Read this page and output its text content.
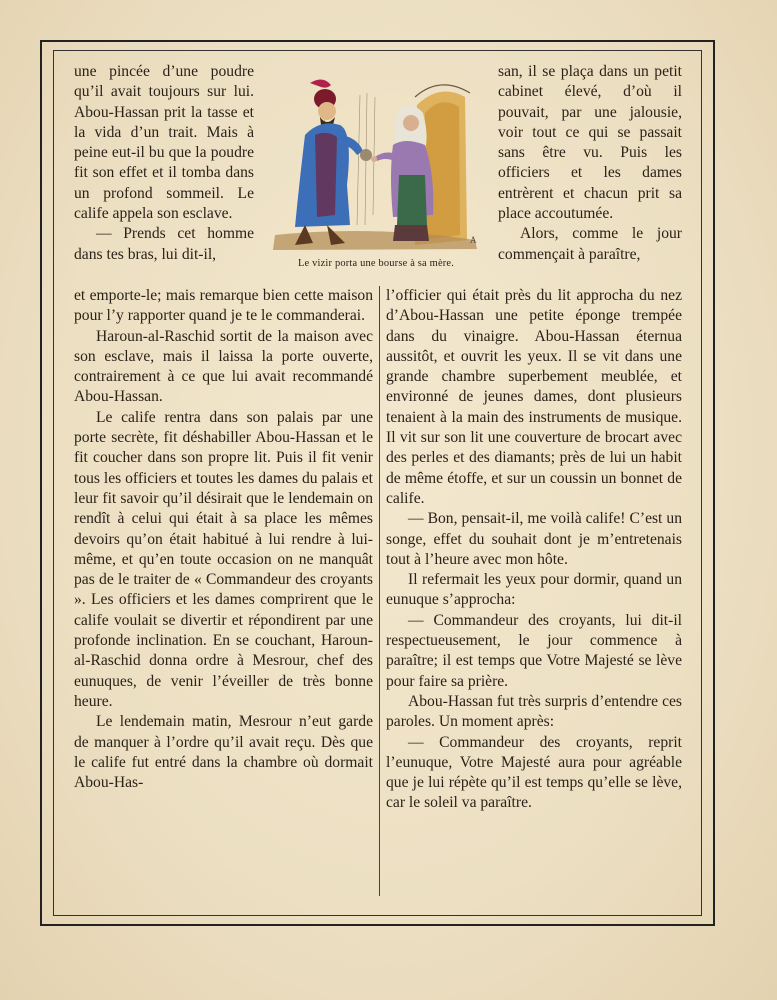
A
Le vizir porta une bourse à sa mère.

une pincée d’une poudre qu’il avait toujours sur lui. Abou-Hassan prit la tasse et la vida d’un trait. Mais à peine eut-il bu que la poudre fit son effet et il tomba dans un profond sommeil. Le calife appela son esclave.

— Prends cet homme dans tes bras, lui dit-il,

et emporte-le; mais remarque bien cette maison pour l’y rapporter quand je te le commanderai.

Haroun-al-Raschid sortit de la maison avec son esclave, mais il laissa la porte ouverte, contrairement à ce que lui avait recommandé Abou-Hassan.

Le calife rentra dans son palais par une porte secrète, fit déshabiller Abou-Hassan et le fit coucher dans son propre lit. Puis il fit venir tous les officiers et toutes les dames du palais et leur fit savoir qu’il désirait que le lendemain on rendît à celui qui était à sa place les mêmes devoirs qu’on était habitué à lui rendre à lui-même, et qu’en toute occasion on ne manquât pas de le traiter de « Commandeur des croyants ». Les officiers et les dames comprirent que le calife voulait se divertir et répondirent par une profonde inclination. En se couchant, Haroun-al-Raschid donna ordre à Mesrour, chef des eunuques, de venir l’éveiller de très bonne heure.

Le lendemain matin, Mesrour n’eut garde de manquer à l’ordre qu’il avait reçu. Dès que le calife fut entré dans la chambre où dormait Abou-Has-

san, il se plaça dans un petit cabinet élevé, d’où il pouvait, par une jalousie, voir tout ce qui se passait sans être vu. Puis les officiers et les dames entrèrent et chacun prit sa place accoutumée.

Alors, comme le jour commençait à paraître,

l’officier qui était près du lit approcha du nez d’Abou-Hassan une petite éponge trempée dans du vinaigre. Abou-Hassan éternua aussitôt, et ouvrit les yeux. Il se vit dans une grande chambre superbement meublée, et environné de jeunes dames, dont plusieurs tenaient à la main des instruments de musique. Il vit sur son lit une couverture de brocart avec des perles et des diamants; près de lui un habit de même étoffe, et sur un coussin un bonnet de calife.

— Bon, pensait-il, me voilà calife! C’est un songe, effet du souhait dont je m’entretenais tout à l’heure avec mon hôte.

Il refermait les yeux pour dormir, quand un eunuque s’approcha:

— Commandeur des croyants, lui dit-il respectueusement, le jour commence à paraître; il est temps que Votre Majesté se lève pour faire sa prière.

Abou-Hassan fut très surpris d’entendre ces paroles. Un moment après:

— Commandeur des croyants, reprit l’eunuque, Votre Majesté aura pour agréable que je lui répète qu’il est temps qu’elle se lève, car le soleil va paraître.
